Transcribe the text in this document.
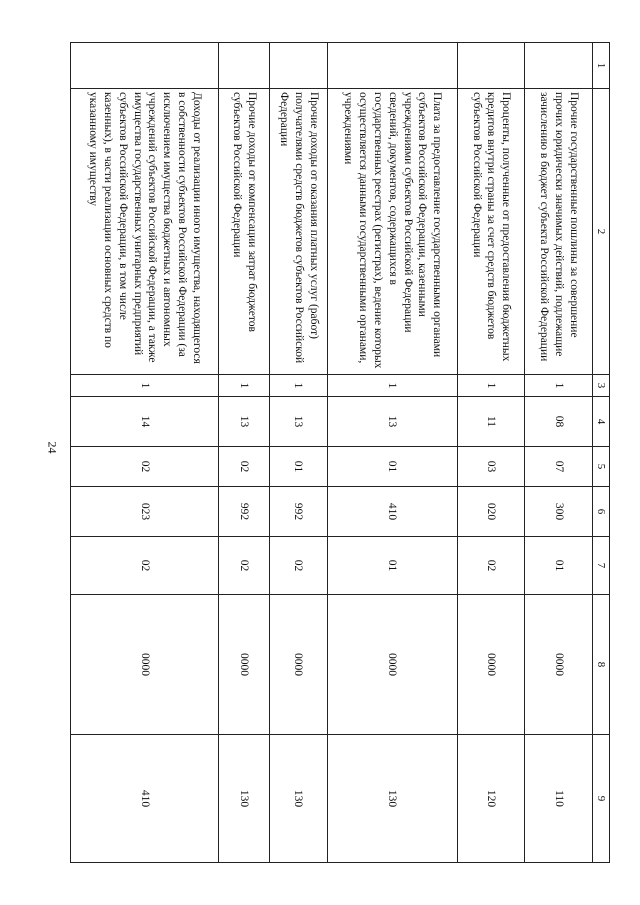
24
1	2	3	4	5	6	7	8	9
	Прочие государственные пошлины за совершение прочих юридически значимых действий, подлежащие зачислению в бюджет субъекта Российской Федерации	1	08	07	300	01	0000	110
	Проценты, полученные от предоставления бюджетных кредитов внутри страны за счет средств бюджетов субъектов Российской Федерации	1	11	03	020	02	0000	120
	Плата за предоставление государственными органами субъектов Российской Федерации, казенными учреждениями субъектов Российской Федерации сведений, документов, содержащихся в государственных реестрах (регистрах), ведение которых осуществляется данными государственными органами, учреждениями	1	13	01	410	01	0000	130
	Прочие доходы от оказания платных услуг (работ) получателями средств бюджетов субъектов Российской Федерации	1	13	01	992	02	0000	130
	Прочие доходы от компенсации затрат бюджетов субъектов Российской Федерации	1	13	02	992	02	0000	130
	Доходы от реализации иного имущества, находящегося в собственности субъектов Российской Федерации (за исключением имущества бюджетных и автономных учреждений субъектов Российской Федерации, а также имущества государственных унитарных предприятий субъектов Российской Федерации, в том числе казенных), в части реализации основных средств по указанному имуществу	1	14	02	023	02	0000	410
